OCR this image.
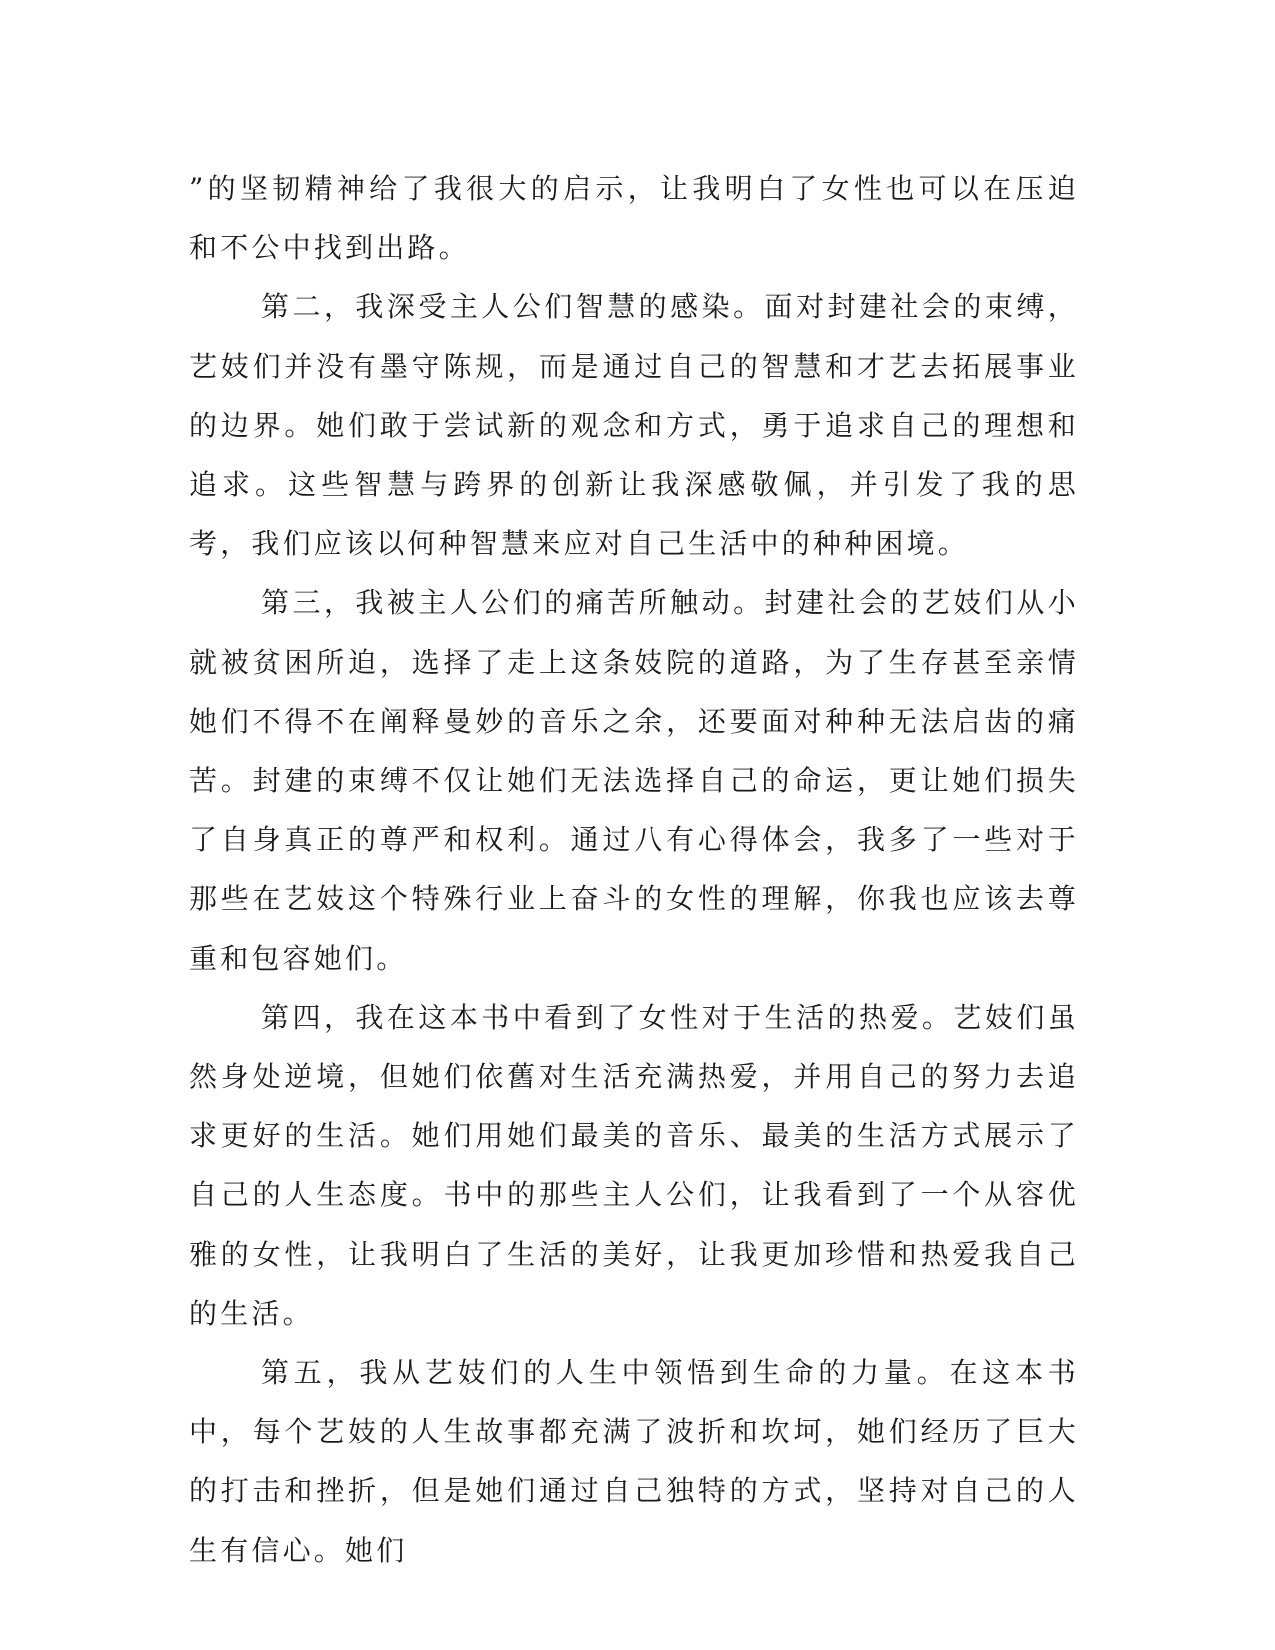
”的坚韧精神给了我很大的启示，让我明白了女性也可以在压迫和不公中找到出路。

第二，我深受主人公们智慧的感染。面对封建社会的束缚，艺妓们并没有墨守陈规，而是通过自己的智慧和才艺去拓展事业的边界。她们敢于尝试新的观念和方式，勇于追求自己的理想和追求。这些智慧与跨界的创新让我深感敬佩，并引发了我的思考，我们应该以何种智慧来应对自己生活中的种种困境。

第三，我被主人公们的痛苦所触动。封建社会的艺妓们从小就被贫困所迫，选择了走上这条妓院的道路，为了生存甚至亲情她们不得不在阐释曼妙的音乐之余，还要面对种种无法启齿的痛苦。封建的束缚不仅让她们无法选择自己的命运，更让她们损失了自身真正的尊严和权利。通过八有心得体会，我多了一些对于那些在艺妓这个特殊行业上奋斗的女性的理解，你我也应该去尊重和包容她们。

第四，我在这本书中看到了女性对于生活的热爱。艺妓们虽然身处逆境，但她们依舊对生活充满热爱，并用自己的努力去追求更好的生活。她们用她们最美的音乐、最美的生活方式展示了自己的人生态度。书中的那些主人公们，让我看到了一个从容优雅的女性，让我明白了生活的美好，让我更加珍惜和热爱我自己的生活。

第五，我从艺妓们的人生中领悟到生命的力量。在这本书中，每个艺妓的人生故事都充满了波折和坎坷，她们经历了巨大的打击和挫折，但是她们通过自己独特的方式，坚持对自己的人生有信心。她们
